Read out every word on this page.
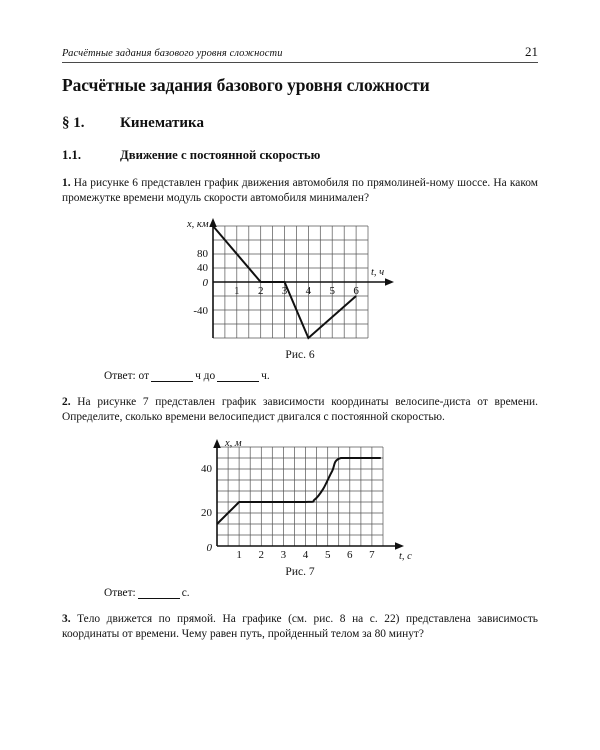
Расчётные задания базового уровня сложности	21
Расчётные задания базового уровня сложности
§ 1.	Кинематика
1.1.	Движение с постоянной скоростью

1. На рисунке 6 представлен график движения автомобиля по прямолиней‑ному шоссе. На каком промежутке времени модуль скорости автомобиля минимален?

x, км
t, ч
80
40
0
-40
1 2 3 4 5 6
Рис. 6

Ответ: от	ч до	ч.

2. На рисунке 7 представлен график зависимости координаты велосипе‑диста от времени. Определите, сколько времени велосипедист двигался с постоянной скоростью.

x, м
t, с
40
20
0
1 2 3 4 5 6 7
Рис. 7

Ответ:	с.

3. Тело движется по прямой. На графике (см. рис. 8 на с. 22) представлена зависимость координаты от времени. Чему равен путь, пройденный телом за 80 минут?
